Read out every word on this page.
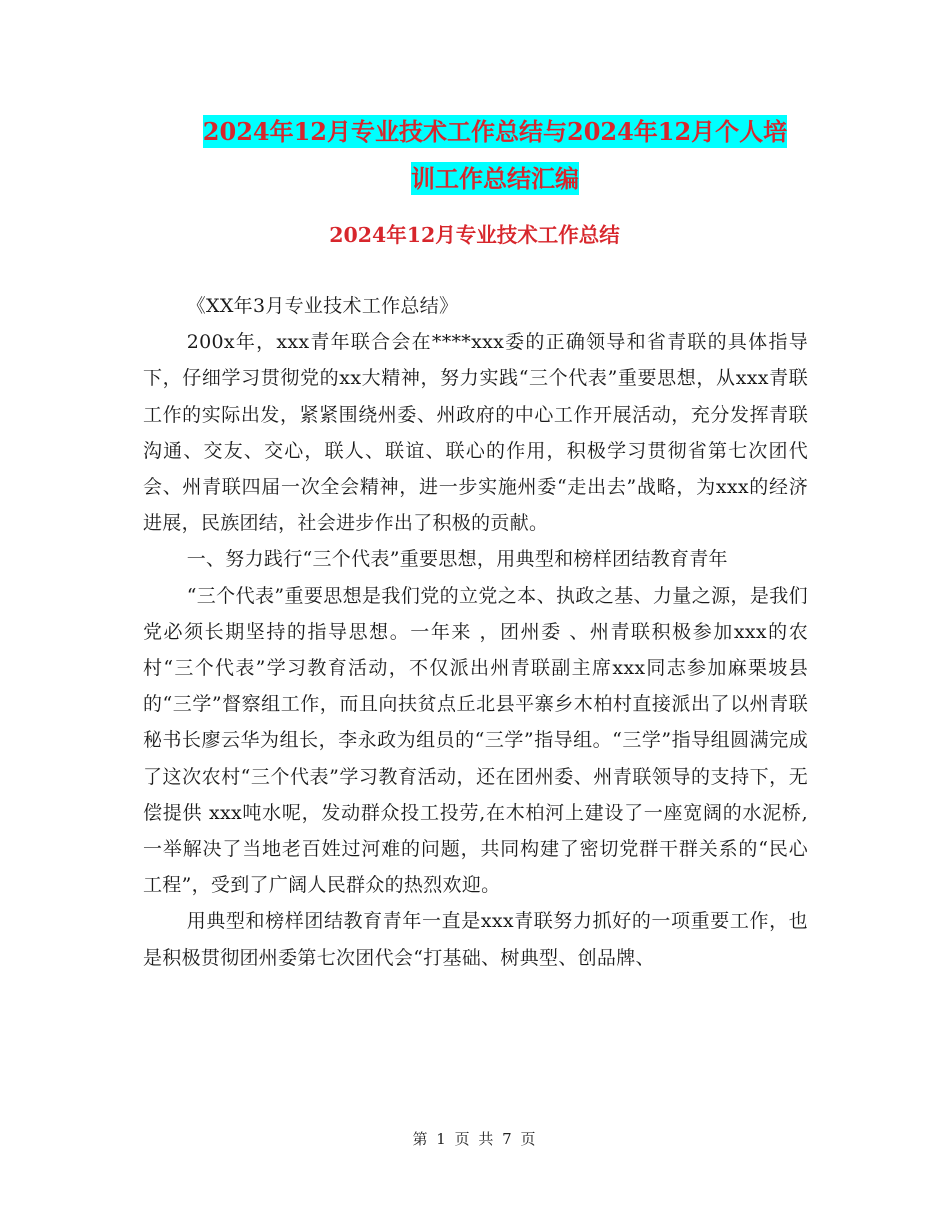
2024年12月专业技术工作总结与2024年12月个人培
训工作总结汇编
2024年12月专业技术工作总结

《XX年3月专业技术工作总结》

200x年，xxx青年联合会在****xxx委的正确领导和省青联的具体指导下，仔细学习贯彻党的xx大精神，努力实践“三个代表”重要思想，从xxx青联工作的实际出发，紧紧围绕州委、州政府的中心工作开展活动，充分发挥青联沟通、交友、交心，联人、联谊、联心的作用，积极学习贯彻省第七次团代会、州青联四届一次全会精神，进一步实施州委“走出去”战略，为xxx的经济进展，民族团结，社会进步作出了积极的贡献。

一、努力践行“三个代表”重要思想，用典型和榜样团结教育青年

“三个代表”重要思想是我们党的立党之本、执政之基、力量之源，是我们党必须长期坚持的指导思想。一年来 ，团州委 、州青联积极参加xxx的农村“三个代表”学习教育活动，不仅派出州青联副主席xxx同志参加麻栗坡县的“三学”督察组工作，而且向扶贫点丘北县平寨乡木柏村直接派出了以州青联秘书长廖云华为组长，李永政为组员的“三学”指导组。“三学”指导组圆满完成了这次农村“三个代表”学习教育活动，还在团州委、州青联领导的支持下，无偿提供 xxx吨水呢，发动群众投工投劳,在木柏河上建设了一座宽阔的水泥桥,一举解决了当地老百姓过河难的问题，共同构建了密切党群干群关系的“民心工程”，受到了广阔人民群众的热烈欢迎。

用典型和榜样团结教育青年一直是xxx青联努力抓好的一项重要工作，也是积极贯彻团州委第七次团代会“打基础、树典型、创品牌、

第 1 页 共 7 页
